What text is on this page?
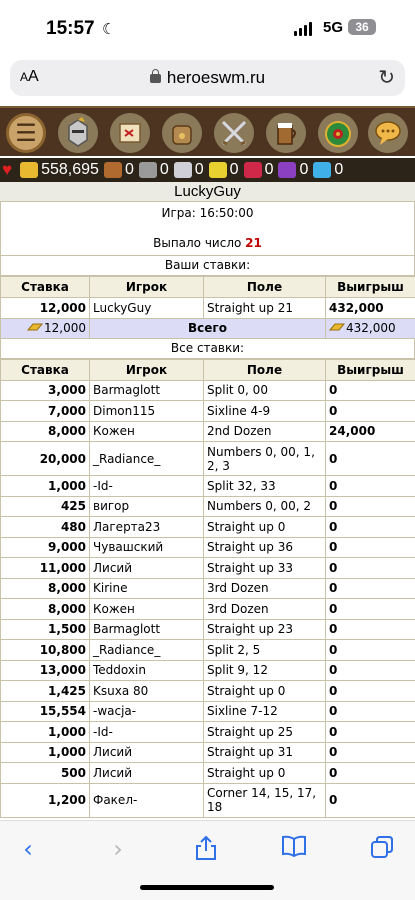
15:57 ☾	5G	36
AA	heroeswm.ru	↻
☰
♥ 558,695 0 0 0 0 0 0 0
LuckyGuy
Игра: 16:50:00
Выпало число 21
Ваши ставки:
Ставка	Игрок	Поле	Выигрыш
12,000	LuckyGuy	Straight up 21	432,000
12,000	Всего		432,000
Все ставки:
Ставка	Игрок	Поле	Выигрыш
3,000	Barmaglott	Split 0, 00	0
7,000	Dimon115	Sixline 4-9	0
8,000	Кожен	2nd Dozen	24,000
20,000	_Radiance_	Numbers 0, 00, 1, 2, 3	0
1,000	-Id-	Split 32, 33	0
425	вигор	Numbers 0, 00, 2	0
480	Лагерта23	Straight up 0	0
9,000	Чувашский	Straight up 36	0
11,000	Лисий	Straight up 33	0
8,000	Kirine	3rd Dozen	0
8,000	Кожен	3rd Dozen	0
1,500	Barmaglott	Straight up 23	0
10,800	_Radiance_	Split 2, 5	0
13,000	Teddoxin	Split 9, 12	0
1,425	Ksuxa 80	Straight up 0	0
15,554	-wacja-	Sixline 7-12	0
1,000	-Id-	Straight up 25	0
1,000	Лисий	Straight up 31	0
500	Лисий	Straight up 0	0
1,200	Факел-	Corner 14, 15, 17, 18	0
‹	›
